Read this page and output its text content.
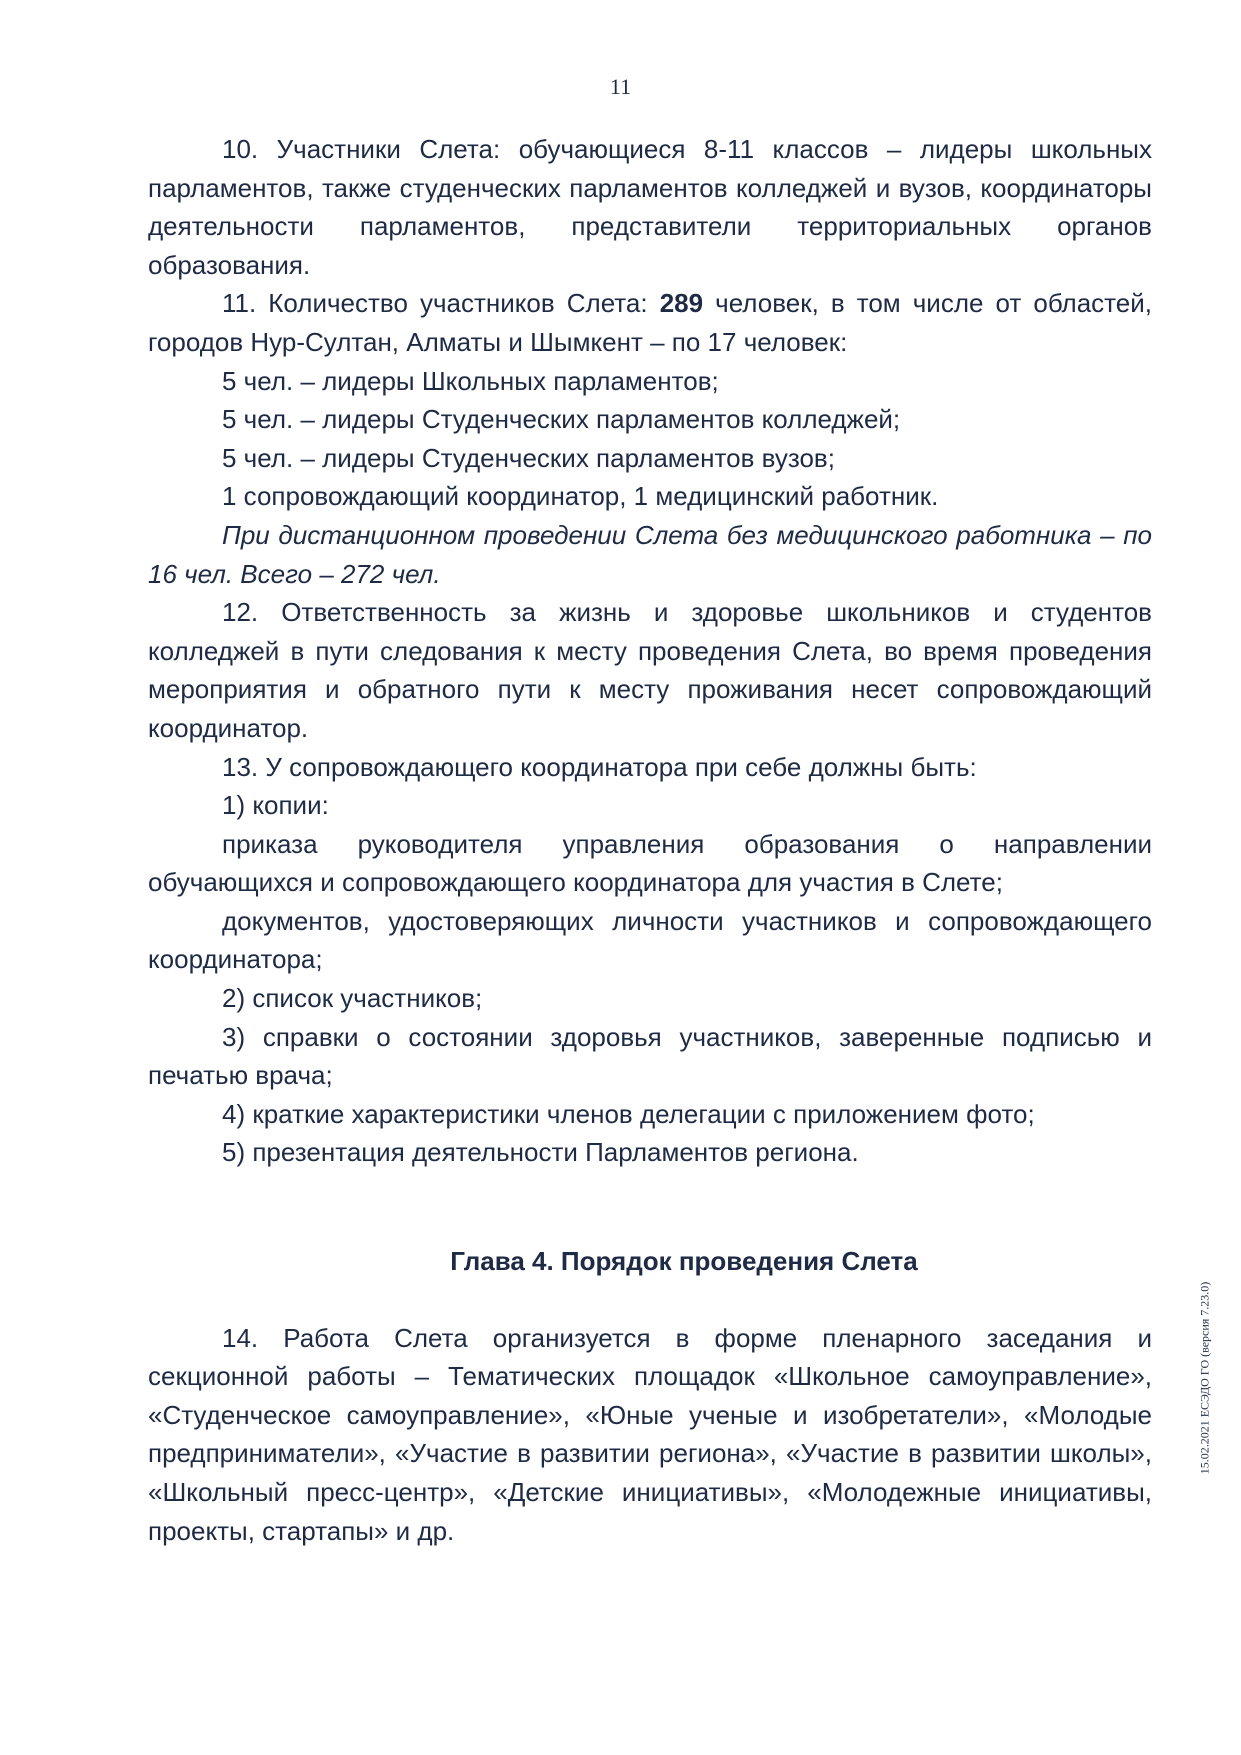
11

10. Участники Слета: обучающиеся 8-11 классов – лидеры школьных парламентов, также студенческих парламентов колледжей и вузов, координаторы деятельности парламентов, представители территориальных органов образования.

11. Количество участников Слета: 289 человек, в том числе от областей, городов Нур-Султан, Алматы и Шымкент – по 17 человек:

5 чел. – лидеры Школьных парламентов;

5 чел. – лидеры Студенческих парламентов колледжей;

5 чел. – лидеры Студенческих парламентов вузов;

1 сопровождающий координатор, 1 медицинский работник.

При дистанционном проведении Слета без медицинского работника – по 16 чел. Всего – 272 чел.

12. Ответственность за жизнь и здоровье школьников и студентов колледжей в пути следования к месту проведения Слета, во время проведения мероприятия и обратного пути к месту проживания несет сопровождающий координатор.

13. У сопровождающего координатора при себе должны быть:

1) копии:

приказа руководителя управления образования о направлении обучающихся и сопровождающего координатора для участия в Слете;

документов, удостоверяющих личности участников и сопровождающего координатора;

2) список участников;

3) справки о состоянии здоровья участников, заверенные подписью и печатью врача;

4) краткие характеристики членов делегации с приложением фото;

5) презентация деятельности Парламентов региона.

Глава 4. Порядок проведения Слета

14. Работа Слета организуется в форме пленарного заседания и секционной работы – Тематических площадок «Школьное самоуправление», «Студенческое самоуправление», «Юные ученые и изобретатели», «Молодые предприниматели», «Участие в развитии региона», «Участие в развитии школы», «Школьный пресс-центр», «Детские инициативы», «Молодежные инициативы, проекты, стартапы» и др.

15.02.2021 ЕСЭДО ГО (версия 7.23.0)
